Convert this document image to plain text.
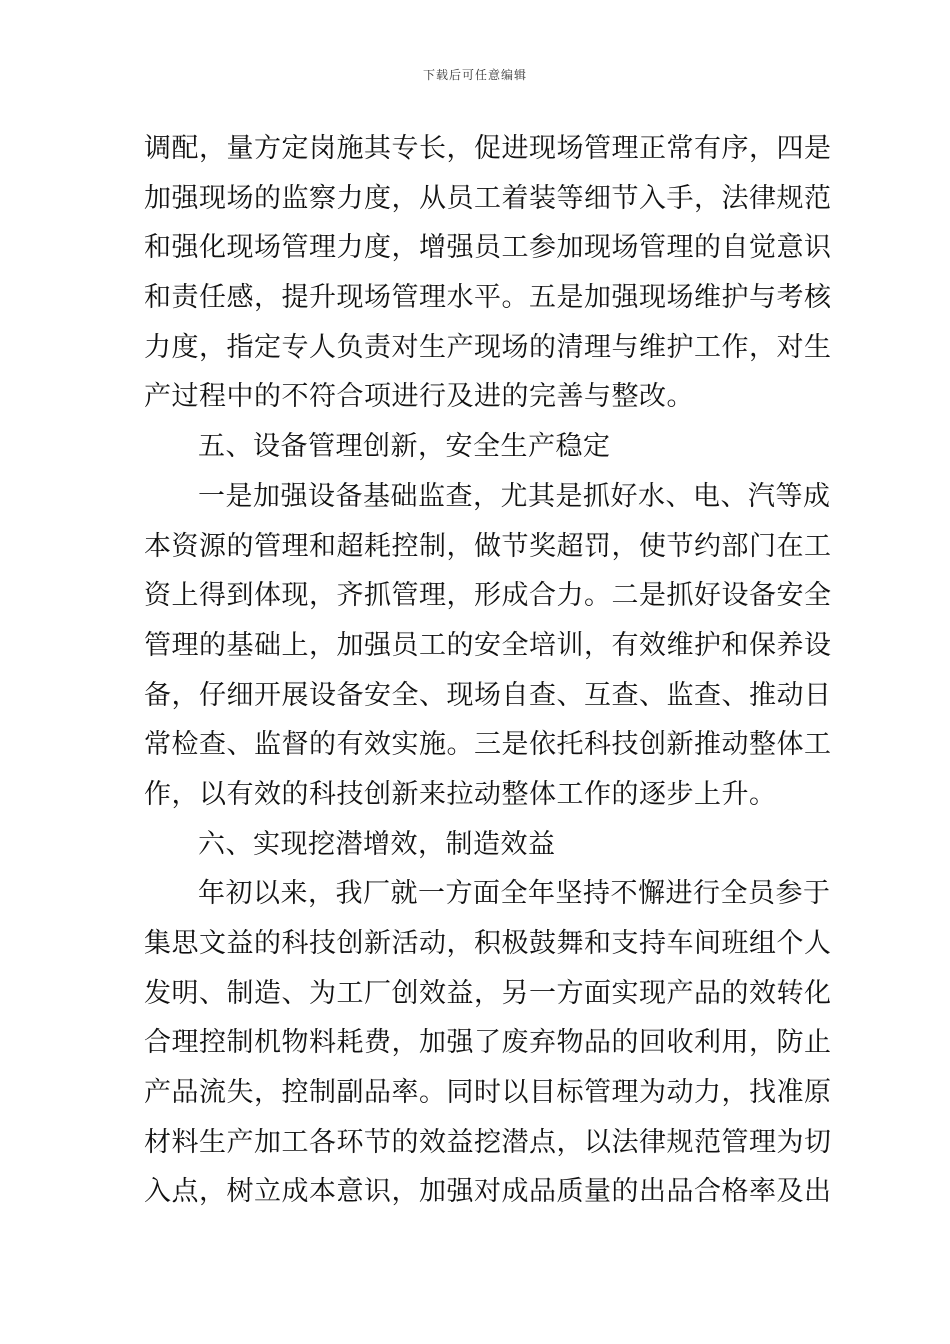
下载后可任意编辑
调配，量方定岗施其专长，促进现场管理正常有序，四是
加强现场的监察力度，从员工着装等细节入手，法律规范
和强化现场管理力度，增强员工参加现场管理的自觉意识
和责任感，提升现场管理水平。五是加强现场维护与考核
力度，指定专人负责对生产现场的清理与维护工作，对生
产过程中的不符合项进行及进的完善与整改。
五、设备管理创新，安全生产稳定
一是加强设备基础监查，尤其是抓好水、电、汽等成
本资源的管理和超耗控制，做节奖超罚，使节约部门在工
资上得到体现，齐抓管理，形成合力。二是抓好设备安全
管理的基础上，加强员工的安全培训，有效维护和保养设
备，仔细开展设备安全、现场自查、互查、监查、推动日
常检查、监督的有效实施。三是依托科技创新推动整体工
作，以有效的科技创新来拉动整体工作的逐步上升。
六、实现挖潜增效，制造效益
年初以来，我厂就一方面全年坚持不懈进行全员参于
集思文益的科技创新活动，积极鼓舞和支持车间班组个人
发明、制造、为工厂创效益，另一方面实现产品的效转化
合理控制机物料耗费，加强了废弃物品的回收利用，防止
产品流失，控制副品率。同时以目标管理为动力，找准原
材料生产加工各环节的效益挖潜点，以法律规范管理为切
入点，树立成本意识，加强对成品质量的出品合格率及出
